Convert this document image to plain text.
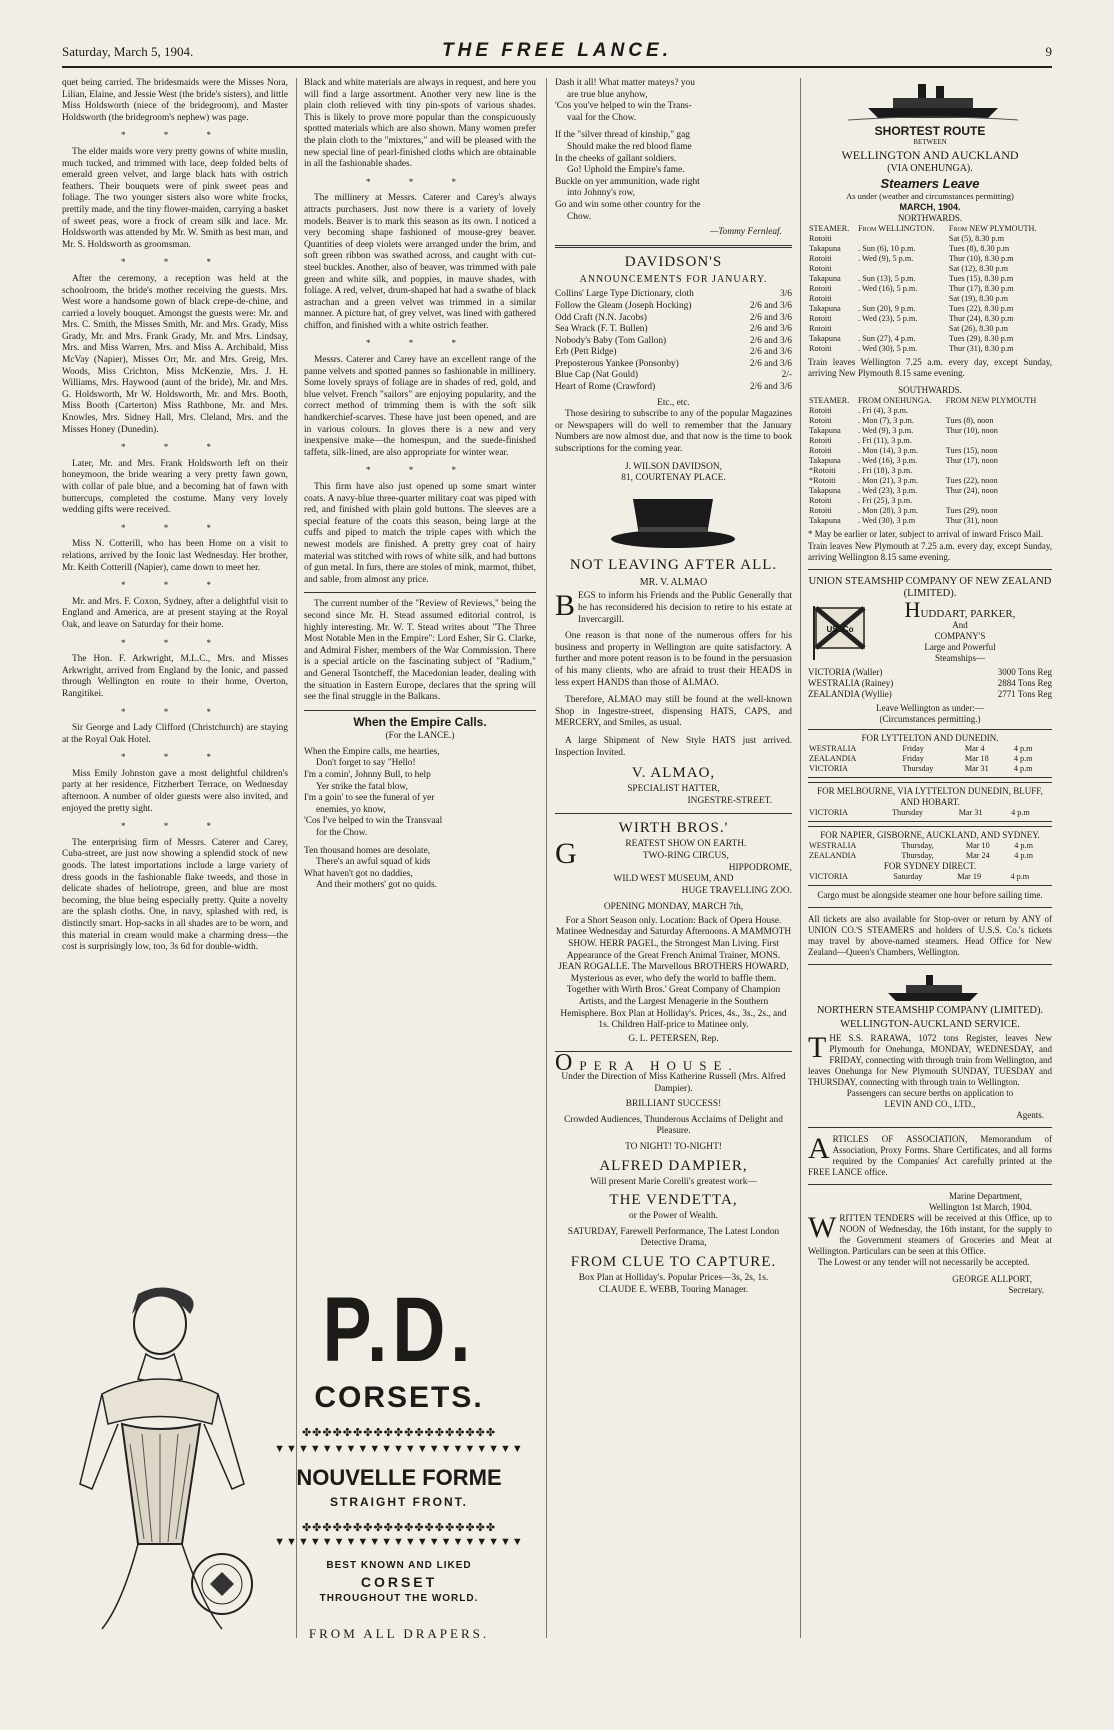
Saturday, March 5, 1904.	THE FREE LANCE.	9

quet being carried. The bridesmaids were the Misses Nora, Lilian, Elaine, and Jessie West (the bride's sisters), and little Miss Holdsworth (niece of the bridegroom), and Master Holdsworth (the bridegroom's nephew) was page.

* * *

The elder maids wore very pretty gowns of white muslin, much tucked, and trimmed with lace, deep folded belts of emerald green velvet, and large black hats with ostrich feathers. Their bouquets were of pink sweet peas and foliage. The two younger sisters also wore white frocks, prettily made, and the tiny flower-maiden, carrying a basket of sweet peas, wore a frock of cream silk and lace. Mr. Holdsworth was attended by Mr. W. Smith as best man, and Mr. S. Holdsworth as groomsman.

* * *

After the ceremony, a reception was held at the schoolroom, the bride's mother receiving the guests. Mrs. West wore a handsome gown of black crepe-de-chine, and carried a lovely bouquet. Amongst the guests were: Mr. and Mrs. C. Smith, the Misses Smith, Mr. and Mrs. Grady, Miss Grady, Mr. and Mrs. Frank Grady, Mr. and Mrs. Lindsay, Mrs. and Miss Warren, Mrs. and Miss A. Archibald, Miss McVay (Napier), Misses Orr, Mr. and Mrs. Greig, Mrs. Woods, Miss Crichton, Miss McKenzie, Mrs. J. H. Williams, Mrs. Haywood (aunt of the bride), Mr. and Mrs. G. Holdsworth, Mr W. Holdsworth, Mr. and Mrs. Booth, Miss Booth (Carterton) Miss Rathbone, Mr. and Mrs. Knowles, Mrs. Sidney Hall, Mrs. Cleland, Mrs. and the Misses Honey (Dunedin).

* * *

Later, Mr. and Mrs. Frank Holdsworth left on their honeymoon, the bride wearing a very pretty fawn gown, with collar of pale blue, and a becoming hat of fawn with buttercups, completed the costume. Many very lovely wedding gifts were received.

* * *

Miss N. Cotterill, who has been Home on a visit to relations, arrived by the Ionic last Wednesday. Her brother, Mr. Keith Cotterill (Napier), came down to meet her.

* * *

Mr. and Mrs. F. Coxon, Sydney, after a delightful visit to England and America, are at present staying at the Royal Oak, and leave on Saturday for their home.

* * *

The Hon. F. Arkwright, M.L.C., Mrs. and Misses Arkwright, arrived from England by the Ionic, and passed through Wellington en route to their home, Overton, Rangitikei.

* * *

Sir George and Lady Clifford (Christchurch) are staying at the Royal Oak Hotel.

* * *

Miss Emily Johnston gave a most delightful children's party at her residence, Fitzherbert Terrace, on Wednesday afternoon. A number of older guests were also invited, and enjoyed the pretty sight.

* * *

The enterprising firm of Messrs. Caterer and Carey, Cuba-street, are just now showing a splendid stock of new goods. The latest importations include a large variety of dress goods in the fashionable flake tweeds, and those in delicate shades of heliotrope, green, and blue are most becoming, the blue being especially pretty. Quite a novelty are the splash cloths. One, in navy, splashed with red, is distinctly smart. Hop-sacks in all shades are to be worn, and this material in cream would make a charming dress—the cost is surprisingly low, too, 3s 6d for double-width.

Black and white materials are always in request, and here you will find a large assortment. Another very new line is the plain cloth relieved with tiny pin-spots of various shades. This is likely to prove more popular than the conspicuously spotted materials which are also shown. Many women prefer the plain cloth to the "mixtures," and will be pleased with the new special line of pearl-finished cloths which are obtainable in all the fashionable shades.

* * *

The millinery at Messrs. Caterer and Carey's always attracts purchasers. Just now there is a variety of lovely models. Beaver is to mark this season as its own. I noticed a very becoming shape fashioned of mouse-grey beaver. Quantities of deep violets were arranged under the brim, and soft green ribbon was swathed across, and caught with cut-steel buckles. Another, also of beaver, was trimmed with pale green and white silk, and poppies, in mauve shades, with foliage. A red, velvet, drum-shaped hat had a swathe of black astrachan and a green velvet was trimmed in a similar manner. A picture hat, of grey velvet, was lined with gathered chiffon, and finished with a white ostrich feather.

* * *

Messrs. Caterer and Carey have an excellent range of the panne velvets and spotted pannes so fashionable in millinery. Some lovely sprays of foliage are in shades of red, gold, and blue velvet. French "sailors" are enjoying popularity, and the correct method of trimming them is with the soft silk handkerchief-scarves. These have just been opened, and are in various colours. In gloves there is a new and very inexpensive make—the homespun, and the suede-finished taffeta, silk-lined, are also appropriate for winter wear.

* * *

This firm have also just opened up some smart winter coats. A navy-blue three-quarter military coat was piped with red, and finished with plain gold buttons. The sleeves are a special feature of the coats this season, being large at the cuffs and piped to match the triple capes with which the newest models are finished. A pretty grey coat of hairy material was stitched with rows of white silk, and had buttons of gun metal. In furs, there are stoles of mink, marmot, thibet, and sable, from almost any price.

The current number of the "Review of Reviews," being the second since Mr. H. Stead assumed editorial control, is highly interesting. Mr. W. T. Stead writes about "The Three Most Notable Men in the Empire": Lord Esher, Sir G. Clarke, and Admiral Fisher, members of the War Commission. There is a special article on the fascinating subject of "Radium," and General Tsontcheff, the Macedonian leader, dealing with the situation in Eastern Europe, declares that the spring will see the final struggle in the Balkans.

When the Empire Calls.
(For the LANCE.)
When the Empire calls, me hearties,
Don't forget to say "Hello!
I'm a comin', Johnny Bull, to help
Yer strike the fatal blow,
I'm a goin' to see the funeral of yer
enemies, yo know,
'Cos I've helped to win the Transvaal
for the Chow.
Ten thousand homes are desolate,
There's an awful squad of kids
What haven't got no daddies,
And their mothers' got no quids.
P.D.
CORSETS.
✤✤✤✤✤✤✤✤✤✤✤✤✤✤✤✤✤✤✤
▼▼▼▼▼▼▼▼▼▼▼▼▼▼▼▼▼▼▼▼▼
NOUVELLE FORME
STRAIGHT FRONT.
✤✤✤✤✤✤✤✤✤✤✤✤✤✤✤✤✤✤✤
▼▼▼▼▼▼▼▼▼▼▼▼▼▼▼▼▼▼▼▼▼
BEST KNOWN AND LIKED
CORSET
THROUGHOUT THE WORLD.
FROM ALL DRAPERS.
Dash it all! What matter mateys? you
are true blue anyhow,
'Cos you've helped to win the Trans-
vaal for the Chow.
If the "silver thread of kinship," gag
Should make the red blood flame
In the cheeks of gallant soldiers.
Go! Uphold the Empire's fame.
Buckle on yer ammunition, wade right
into Johnny's row,
Go and win some other country for the
Chow.
—Tommy Fernleaf.
DAVIDSON'S
ANNOUNCEMENTS FOR JANUARY.
Collins' Large Type Dictionary, cloth	3/6
Follow the Gleam (Joseph Hocking)	2/6 and 3/6
Odd Craft (N.N. Jacobs)	2/6 and 3/6
Sea Wrack (F. T. Bullen)	2/6 and 3/6
Nobody's Baby (Tom Gallon)	2/6 and 3/6
Erb (Pett Ridge)	2/6 and 3/6
Preposterous Yankee (Ponsonby)	2/6 and 3/6
Blue Cap (Nat Gould)	2/-
Heart of Rome (Crawford)	2/6 and 3/6
Etc., etc.

Those desiring to subscribe to any of the popular Magazines or Newspapers will do well to remember that the January Numbers are now almost due, and that now is the time to book subscriptions for the coming year.

J. WILSON DAVIDSON,
81, COURTENAY PLACE.
NOT LEAVING AFTER ALL.
MR. V. ALMAO
BEGS to inform his Friends and the Public Generally that he has reconsidered his decision to retire to his estate at Invercargill.

One reason is that none of the numerous offers for his business and property in Wellington are quite satisfactory. A further and more potent reason is to be found in the persuasion of his many clients, who are afraid to trust their HEADS in less expert HANDS than those of ALMAO.

Therefore, ALMAO may still be found at the well-known Shop in Ingestre-street, dispensing HATS, CAPS, and MERCERY, and Smiles, as usual.

A large Shipment of New Style HATS just arrived. Inspection Invited.

V. ALMAO,
SPECIALIST HATTER,
INGESTRE-STREET.
WIRTH BROS.'
G	REATEST SHOW ON EARTH.
TWO-RING CIRCUS,
HIPPODROME,
WILD WEST MUSEUM, AND
HUGE TRAVELLING ZOO.
OPENING MONDAY, MARCH 7th,
For a Short Season only. Location: Back of Opera House. Matinee Wednesday and Saturday Afternoons. A MAMMOTH SHOW. HERR PAGEL, the Strongest Man Living. First Appearance of the Great French Animal Trainer, MONS. JEAN ROGALLE. The Marvellous BROTHERS HOWARD, Mysterious as ever, who defy the world to baffle them. Together with Wirth Bros.' Great Company of Champion Artists, and the Largest Menagerie in the Southern Hemisphere. Box Plan at Holliday's. Prices, 4s., 3s., 2s., and 1s. Children Half-price to Matinee only.
G. L. PETERSEN, Rep.
OPERA HOUSE.
Under the Direction of Miss Katherine Russell (Mrs. Alfred Dampier).
BRILLIANT SUCCESS!
Crowded Audiences, Thunderous Acclaims of Delight and Pleasure.
TO NIGHT! TO-NIGHT!
ALFRED DAMPIER,
Will present Marie Corelli's greatest work—
THE VENDETTA,
or the Power of Wealth.
SATURDAY, Farewell Performance, The Latest London Detective Drama,
FROM CLUE TO CAPTURE.
Box Plan at Holliday's. Popular Prices—3s, 2s, 1s.
CLAUDE E. WEBB, Touring Manager.
SHORTEST ROUTE
BETWEEN
WELLINGTON AND AUCKLAND
(VIA ONEHUNGA).
Steamers Leave
As under (weather and circumstances permitting)
MARCH, 1904.
NORTHWARDS.
STEAMER.	From WELLINGTON.	From NEW PLYMOUTH.
Rotoiti		Sat (5), 8.30 p.m
Takapuna	. Sun (6), 10 p.m.	Tues (8), 8.30 p.m
Rotoiti	. Wed (9), 5 p.m.	Thur (10), 8.30 p.m
Rotoiti		Sat (12), 8.30 p.m
Takapuna	. Sun (13), 5 p.m.	Tues (15), 8.30 p.m
Rotoiti	. Wed (16), 5 p.m.	Thur (17), 8.30 p.m
Rotoiti		Sat (19), 8.30 p.m
Takapuna	. Sun (20), 9 p.m.	Tues (22), 8.30 p.m
Rotoiti	. Wed (23), 5 p.m.	Thur (24), 8.30 p.m
Rotoiti		Sat (26), 8.30 p.m
Takapuna	. Sun (27), 4 p.m.	Tues (29), 8.30 p.m
Rotoiti	. Wed (30), 5 p.m.	Thur (31), 8.30 p.m

Train leaves Wellington 7.25 a.m. every day, except Sunday, arriving New Plymouth 8.15 same evening.

SOUTHWARDS.
STEAMER.	FROM ONEHUNGA.	FROM NEW PLYMOUTH
Rotoiti	. Fri (4), 3 p.m.	
Rotoiti	. Mon (7), 3 p.m.	Tues (8), noon
Takapuna	. Wed (9), 3 p.m.	Thur (10), noon
Rotoiti	. Fri (11), 3 p.m.	
Rotoiti	. Mon (14), 3 p.m.	Tues (15), noon
Takapuna	. Wed (16), 3 p.m.	Thur (17), noon
*Rotoiti	. Fri (18), 3 p.m.	
*Rotoiti	. Mon (21), 3 p.m.	Tues (22), noon
Takapuna	. Wed (23), 3 p.m.	Thur (24), noon
Rotoiti	. Fri (25), 3 p.m.	
Rotoiti	. Mon (28), 3 p.m.	Tues (29), noon
Takapuna	. Wed (30), 3 p.m	Thur (31), noon

* May be earlier or later, subject to arrival of inward Frisco Mail.

Train leaves New Plymouth at 7.25 a.m. every day, except Sunday, arriving Wellington 8.15 same evening.

UNION STEAMSHIP COMPANY OF NEW ZEALAND (LIMITED).
USSCo
HUDDART, PARKER,
And
COMPANY'S
Large and Powerful
Steamships—
VICTORIA (Waller)	3000 Tons Reg
WESTRALIA (Rainey)	2884 Tons Reg
ZEALANDIA (Wyllie)	2771 Tons Reg
Leave Wellington as under:—
(Circumstances permitting.)
FOR LYTTELTON AND DUNEDIN.
WESTRALIA	Friday	Mar 4	4 p.m
ZEALANDIA	Friday	Mar 18	4 p.m
VICTORIA	Thursday	Mar 31	4 p.m
FOR MELBOURNE, VIA LYTTELTON DUNEDIN, BLUFF, AND HOBART.
VICTORIA	Thursday	Mar 31	4 p.m
FOR NAPIER, GISBORNE, AUCKLAND, AND SYDNEY.
WESTRALIA	Thursday,	Mar 10	4 p.m
ZEALANDIA	Thursday,	Mar 24	4 p.m
FOR SYDNEY DIRECT.
VICTORIA	Saturday	Mar 19	4 p.m
Cargo must be alongside steamer one hour before sailing time.

All tickets are also available for Stop-over or return by ANY of UNION CO.'S STEAMERS and holders of U.S.S. Co.'s tickets may travel by above-named steamers. Head Office for New Zealand—Queen's Chambers, Wellington.

NORTHERN STEAMSHIP COMPANY (LIMITED).
WELLINGTON-AUCKLAND SERVICE.
THE S.S. RARAWA, 1072 tons Register, leaves New Plymouth for Onehunga, MONDAY, WEDNESDAY, and FRIDAY, connecting with through train from Wellington, and leaves Onehunga for New Plymouth SUNDAY, TUESDAY and THURSDAY, connecting with through train to Wellington.
Passengers can secure berths on application to
LEVIN AND CO., LTD.,
Agents.
ARTICLES OF ASSOCIATION, Memorandum of Association, Proxy Forms. Share Certificates, and all forms required by the Companies' Act carefully printed at the FREE LANCE office.
Marine Department,
Wellington 1st March, 1904.
WRITTEN TENDERS will be received at this Office, up to NOON of Wednesday, the 16th instant, for the supply to the Government steamers of Groceries and Meat at Wellington. Particulars can be seen at this Office.

The Lowest or any tender will not necessarily be accepted.

GEORGE ALLPORT,
Secretary.
